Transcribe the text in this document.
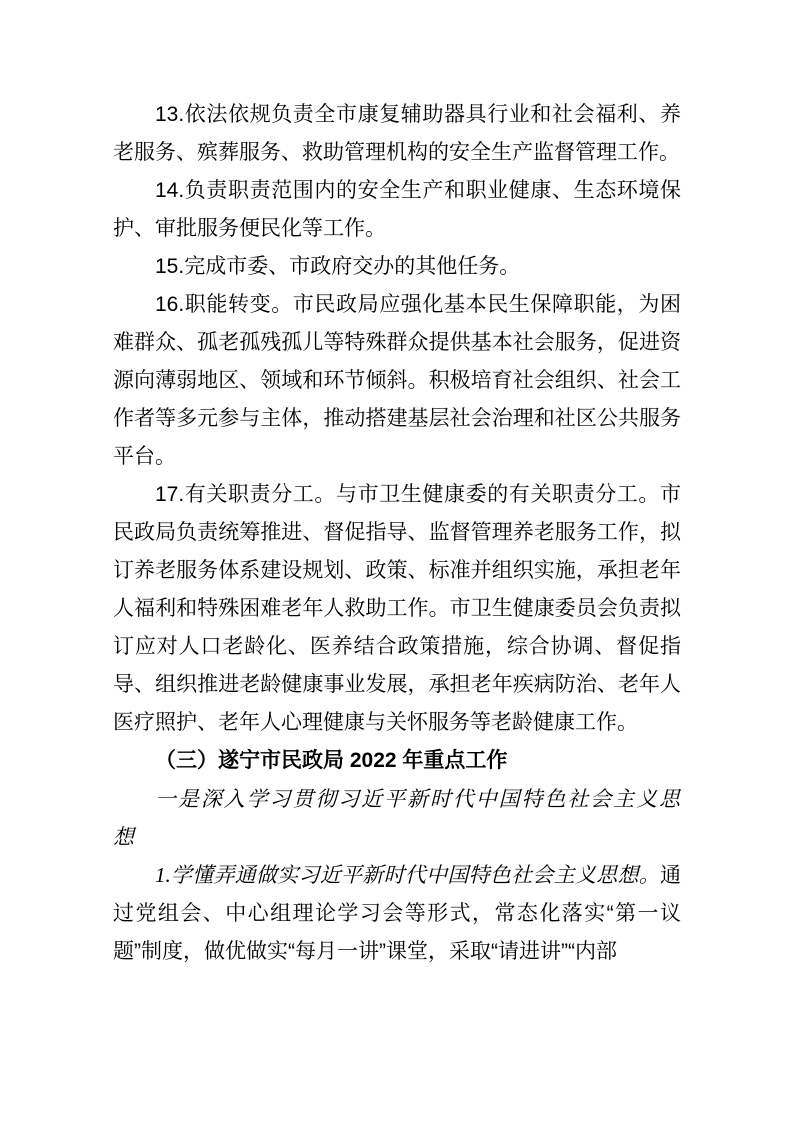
13.依法依规负责全市康复辅助器具行业和社会福利、养老服务、殡葬服务、救助管理机构的安全生产监督管理工作。

14.负责职责范围内的安全生产和职业健康、生态环境保护、审批服务便民化等工作。

15.完成市委、市政府交办的其他任务。

16.职能转变。市民政局应强化基本民生保障职能，为困难群众、孤老孤残孤儿等特殊群众提供基本社会服务，促进资源向薄弱地区、领域和环节倾斜。积极培育社会组织、社会工作者等多元参与主体，推动搭建基层社会治理和社区公共服务平台。

17.有关职责分工。与市卫生健康委的有关职责分工。市民政局负责统筹推进、督促指导、监督管理养老服务工作，拟订养老服务体系建设规划、政策、标准并组织实施，承担老年人福利和特殊困难老年人救助工作。市卫生健康委员会负责拟订应对人口老龄化、医养结合政策措施，综合协调、督促指导、组织推进老龄健康事业发展，承担老年疾病防治、老年人医疗照护、老年人心理健康与关怀服务等老龄健康工作。

（三）遂宁市民政局 2022 年重点工作

一是深入学习贯彻习近平新时代中国特色社会主义思想

1.学懂弄通做实习近平新时代中国特色社会主义思想。通过党组会、中心组理论学习会等形式，常态化落实“第一议题”制度，做优做实“每月一讲”课堂，采取“请进讲”“内部
